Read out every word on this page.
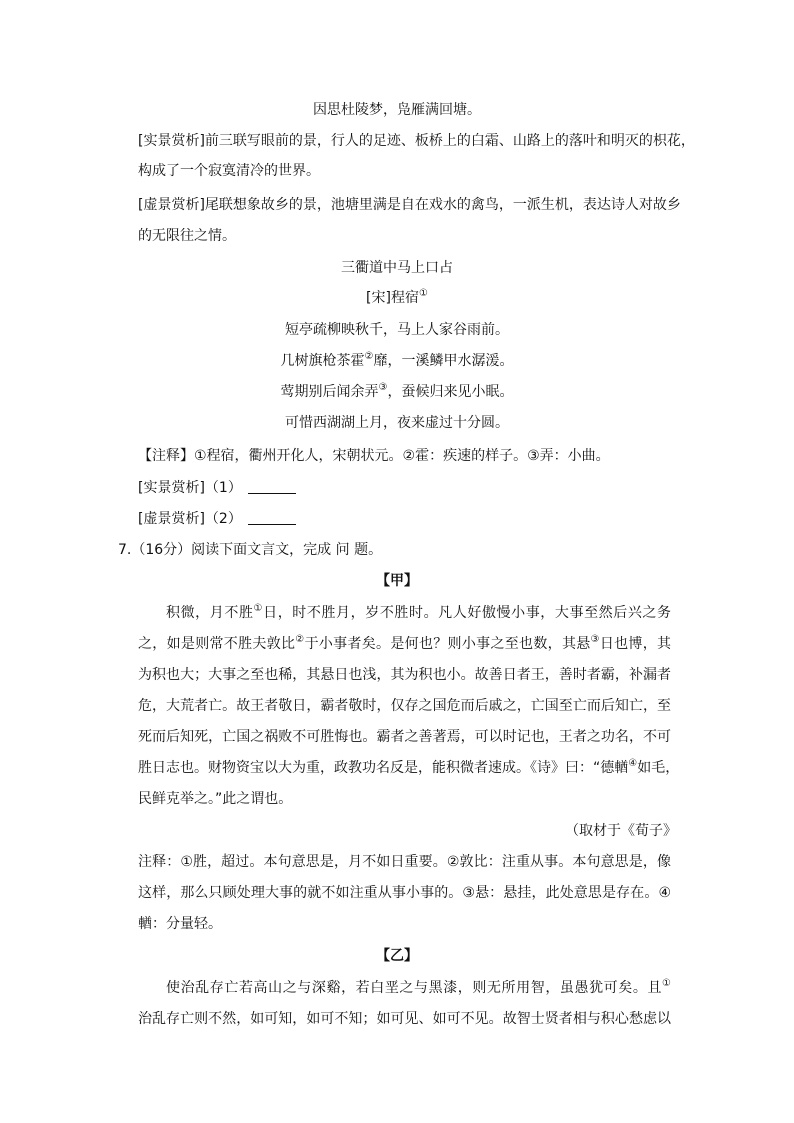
因思杜陵梦，凫雁满回塘。
[实景赏析]前三联写眼前的景，行人的足迹、板桥上的白霜、山路上的落叶和明灭的枳花，
构成了一个寂寞清冷的世界。
[虚景赏析]尾联想象故乡的景，池塘里满是自在戏水的禽鸟，一派生机，表达诗人对故乡
的无限往之情。
三衢道中马上口占
[宋]程宿①
短亭疏柳映秋千，马上人家谷雨前。
几树旗枪茶霍②靡，一溪鳞甲水潺湲。
莺期别后闻余弄③，蚕候归来见小眠。
可惜西湖湖上月，夜来虚过十分圆。
【注释】①程宿，衢州开化人，宋朝状元。②霍：疾速的样子。③弄：小曲。
[实景赏析]（1）
[虚景赏析]（2）
7.（16分）阅读下面文言文，完成 问 题。
【甲】
积微，月不胜①日，时不胜月，岁不胜时。凡人好傲慢小事，大事至然后兴之务
之，如是则常不胜夫敦比②于小事者矣。是何也？则小事之至也数，其悬③日也博，其
为积也大；大事之至也稀，其悬日也浅，其为积也小。故善日者王，善时者霸，补漏者
危，大荒者亡。故王者敬日，霸者敬时，仅存之国危而后戚之，亡国至亡而后知亡，至
死而后知死，亡国之祸败不可胜悔也。霸者之善著焉，可以时记也，王者之功名，不可
胜日志也。财物资宝以大为重，政教功名反是，能积微者速成。《诗》曰：“德輶④如毛，
民鲜克举之。”此之谓也。
（取材于《荀子》
注释：①胜，超过。本句意思是，月不如日重要。②敦比：注重从事。本句意思是，像
这样，那么只顾处理大事的就不如注重从事小事的。③悬：悬挂，此处意思是存在。④
輶：分量轻。
【乙】
使治乱存亡若高山之与深谿，若白垩之与黑漆，则无所用智，虽愚犹可矣。且①
治乱存亡则不然，如可知，如可不知；如可见、如可不见。故智士贤者相与积心愁虑以
